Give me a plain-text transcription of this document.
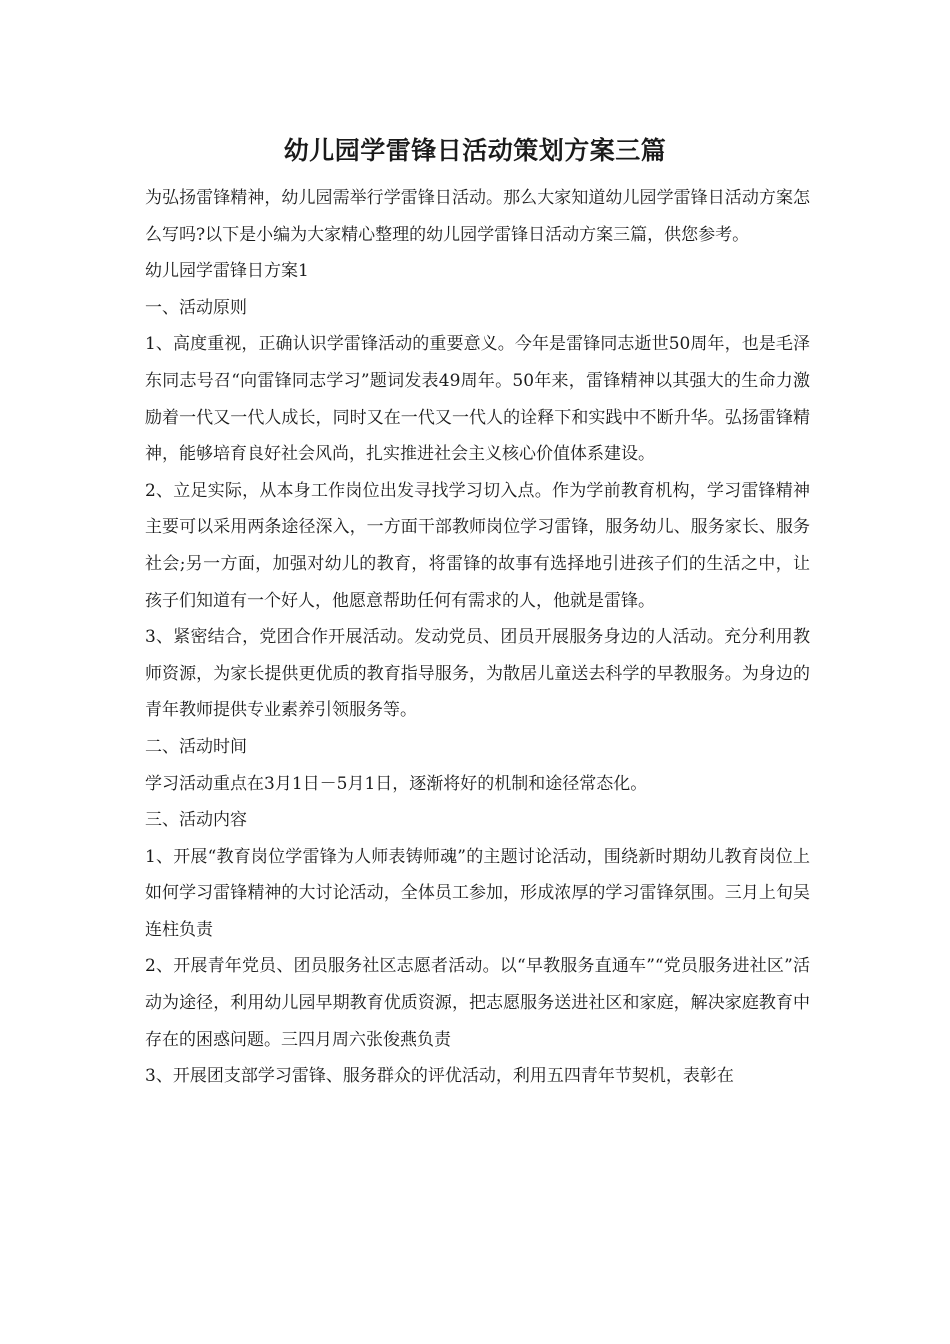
幼儿园学雷锋日活动策划方案三篇

为弘扬雷锋精神，幼儿园需举行学雷锋日活动。那么大家知道幼儿园学雷锋日活动方案怎么写吗?以下是小编为大家精心整理的幼儿园学雷锋日活动方案三篇，供您参考。

幼儿园学雷锋日方案1

一、活动原则

1、高度重视，正确认识学雷锋活动的重要意义。今年是雷锋同志逝世50周年，也是毛泽东同志号召“向雷锋同志学习”题词发表49周年。50年来，雷锋精神以其强大的生命力激励着一代又一代人成长，同时又在一代又一代人的诠释下和实践中不断升华。弘扬雷锋精神，能够培育良好社会风尚，扎实推进社会主义核心价值体系建设。

2、立足实际，从本身工作岗位出发寻找学习切入点。作为学前教育机构，学习雷锋精神主要可以采用两条途径深入，一方面干部教师岗位学习雷锋，服务幼儿、服务家长、服务社会;另一方面，加强对幼儿的教育，将雷锋的故事有选择地引进孩子们的生活之中，让孩子们知道有一个好人，他愿意帮助任何有需求的人，他就是雷锋。

3、紧密结合，党团合作开展活动。发动党员、团员开展服务身边的人活动。充分利用教师资源，为家长提供更优质的教育指导服务，为散居儿童送去科学的早教服务。为身边的青年教师提供专业素养引领服务等。

二、活动时间

学习活动重点在3月1日－5月1日，逐渐将好的机制和途径常态化。

三、活动内容

1、开展“教育岗位学雷锋为人师表铸师魂”的主题讨论活动，围绕新时期幼儿教育岗位上如何学习雷锋精神的大讨论活动，全体员工参加，形成浓厚的学习雷锋氛围。三月上旬吴连柱负责

2、开展青年党员、团员服务社区志愿者活动。以“早教服务直通车”“党员服务进社区”活动为途径，利用幼儿园早期教育优质资源，把志愿服务送进社区和家庭，解决家庭教育中存在的困惑问题。三四月周六张俊燕负责

3、开展团支部学习雷锋、服务群众的评优活动，利用五四青年节契机，表彰在
